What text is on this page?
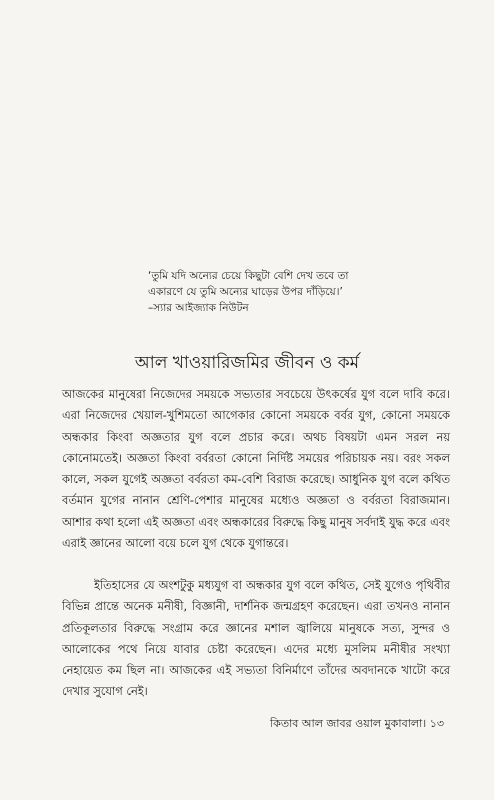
‘তুমি যদি অন্যের চেয়ে কিছুটা বেশি দেখ তবে তা
একারণে যে তুমি অন্যের ঘাড়ের উপর দাঁড়িয়ে।’
–স্যার আইজ্যাক নিউটন
আল খাওয়ারিজমির জীবন ও কর্ম

আজকের মানুষেরা নিজেদের সময়কে সভ্যতার সবচেয়ে উৎকর্ষের যুগ বলে দাবি করে। এরা নিজেদের খেয়াল-খুশিমতো আগেকার কোনো সময়কে বর্বর যুগ, কোনো সময়কে অন্ধকার কিংবা অজ্ঞতার যুগ বলে প্রচার করে। অথচ বিষয়টা এমন সরল নয় কোনোমতেই। অজ্ঞতা কিংবা বর্বরতা কোনো নির্দিষ্ট সময়ের পরিচায়ক নয়। বরং সকল কালে, সকল যুগেই অজ্ঞতা বর্বরতা কম-বেশি বিরাজ করেছে। আধুনিক যুগ বলে কথিত বর্তমান যুগের নানান শ্রেণি-পেশার মানুষের মধ্যেও অজ্ঞতা ও বর্বরতা বিরাজমান। আশার কথা হলো এই অজ্ঞতা এবং অন্ধকারের বিরুদ্ধে কিছু মানুষ সর্বদাই যুদ্ধ করে এবং এরাই জ্ঞানের আলো বয়ে চলে যুগ থেকে যুগান্তরে।

ইতিহাসের যে অংশটুকু মধ্যযুগ বা অন্ধকার যুগ বলে কথিত, সেই যুগেও পৃথিবীর বিভিন্ন প্রান্তে অনেক মনীষী, বিজ্ঞানী, দার্শনিক জন্মগ্রহণ করেছেন। এরা তখনও নানান প্রতিকূলতার বিরুদ্ধে সংগ্রাম করে জ্ঞানের মশাল জ্বালিয়ে মানুষকে সত্য, সুন্দর ও আলোকের পথে নিয়ে যাবার চেষ্টা করেছেন। এদের মধ্যে মুসলিম মনীষীর সংখ্যা নেহায়েত কম ছিল না। আজকের এই সভ্যতা বিনির্মাণে তাঁদের অবদানকে খাটো করে দেখার সুযোগ নেই।

কিতাব আল জাবর ওয়াল মুকাবালা। ১৩
